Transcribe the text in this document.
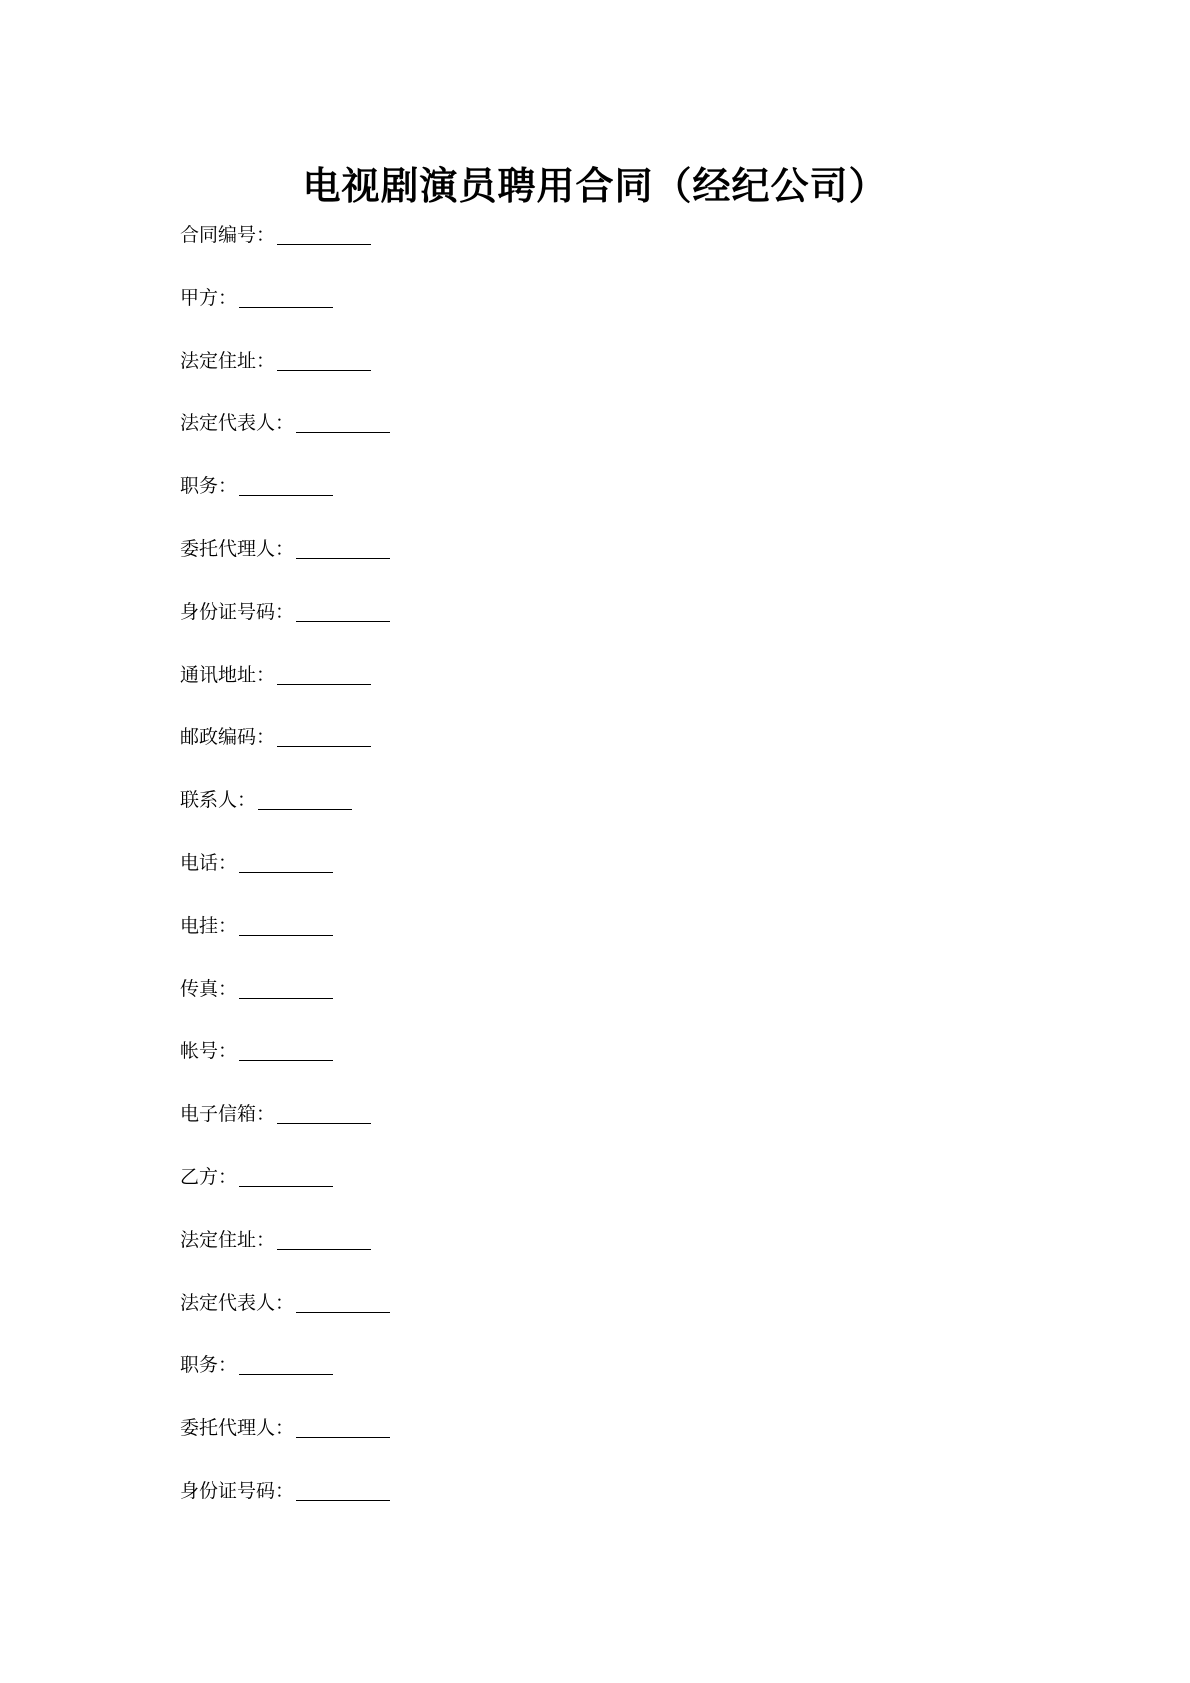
电视剧演员聘用合同（经纪公司）
合同编号：
甲方：
法定住址：
法定代表人：
职务：
委托代理人：
身份证号码：
通讯地址：
邮政编码：
联系人：
电话：
电挂：
传真：
帐号：
电子信箱：
乙方：
法定住址：
法定代表人：
职务：
委托代理人：
身份证号码：
